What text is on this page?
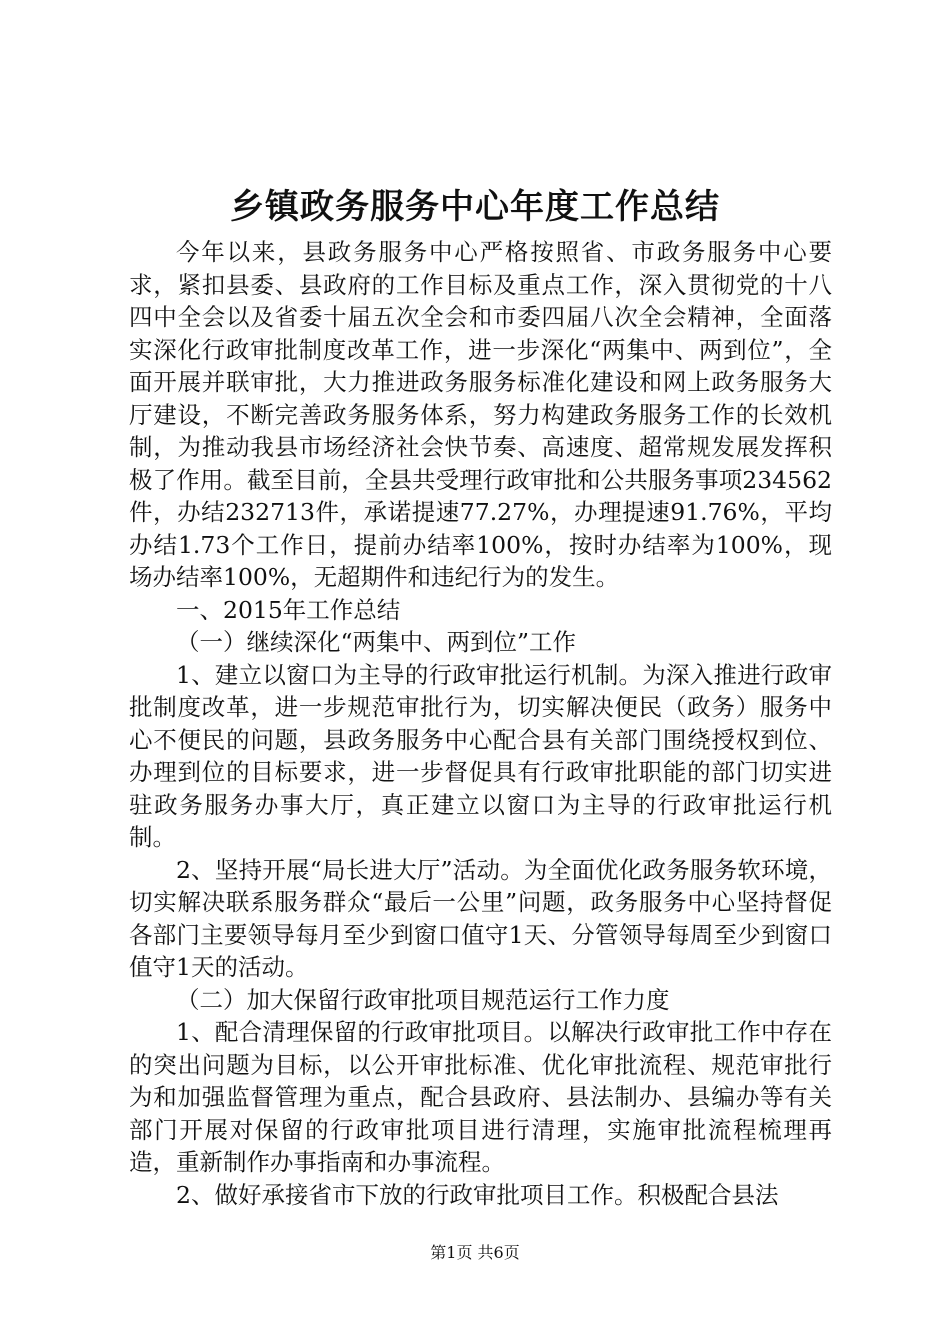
乡镇政务服务中心年度工作总结

今年以来，县政务服务中心严格按照省、市政务服务中心要求，紧扣县委、县政府的工作目标及重点工作，深入贯彻党的十八四中全会以及省委十届五次全会和市委四届八次全会精神，全面落实深化行政审批制度改革工作，进一步深化“两集中、两到位”，全面开展并联审批，大力推进政务服务标准化建设和网上政务服务大厅建设，不断完善政务服务体系，努力构建政务服务工作的长效机制，为推动我县市场经济社会快节奏、高速度、超常规发展发挥积极了作用。截至目前，全县共受理行政审批和公共服务事项234562件，办结232713件，承诺提速77.27%，办理提速91.76%，平均办结1.73个工作日，提前办结率100%，按时办结率为100%，现场办结率100%，无超期件和违纪行为的发生。

一、2015年工作总结

（一）继续深化“两集中、两到位”工作

1、建立以窗口为主导的行政审批运行机制。为深入推进行政审批制度改革，进一步规范审批行为，切实解决便民（政务）服务中心不便民的问题，县政务服务中心配合县有关部门围绕授权到位、办理到位的目标要求，进一步督促具有行政审批职能的部门切实进驻政务服务办事大厅，真正建立以窗口为主导的行政审批运行机制。

2、坚持开展“局长进大厅”活动。为全面优化政务服务软环境，切实解决联系服务群众“最后一公里”问题，政务服务中心坚持督促各部门主要领导每月至少到窗口值守1天、分管领导每周至少到窗口值守1天的活动。

（二）加大保留行政审批项目规范运行工作力度

1、配合清理保留的行政审批项目。以解决行政审批工作中存在的突出问题为目标，以公开审批标准、优化审批流程、规范审批行为和加强监督管理为重点，配合县政府、县法制办、县编办等有关部门开展对保留的行政审批项目进行清理，实施审批流程梳理再造，重新制作办事指南和办事流程。

2、做好承接省市下放的行政审批项目工作。积极配合县法

第1页 共6页
